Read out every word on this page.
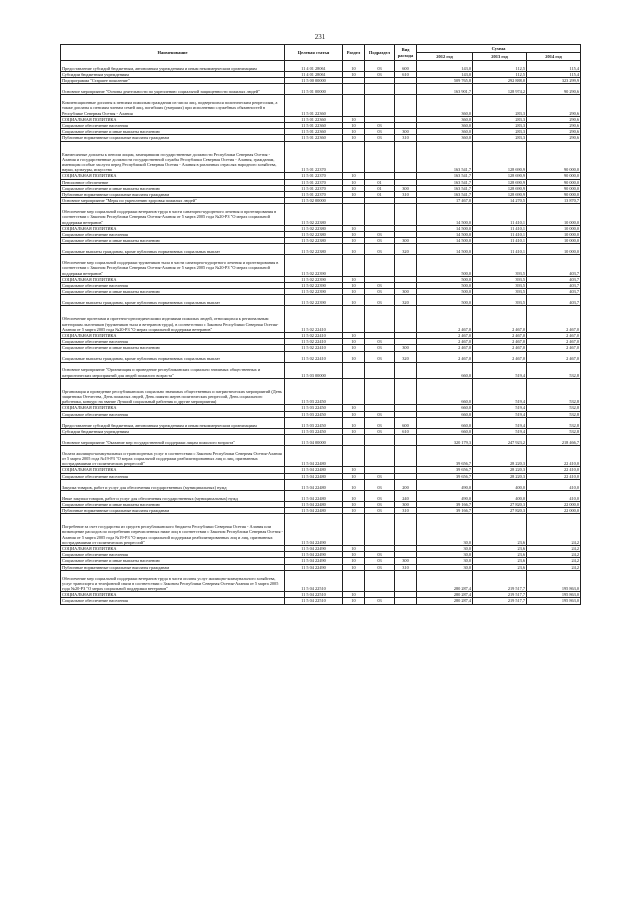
231
Наименование	Целевая статья	Раздел	Подраздел	Вид расхода	Сумма		
					2012 год	2013 год	2014 год
Предоставление субсидий бюджетным, автономным учреждениям и иным некоммерческим организациям	11 4 01 28061	10	03	600	143,0	112,5	115,4
Субсидии бюджетным учреждениям	11 4 01 28061	10	03	610	143,0	112,5	115,4
Подпрограмма "Старшее поколение"	11 5 00 00000				509 765,8	292 888,0	323 299,9
Основное мероприятие "Основы деятельности по укреплению социальной защищенности пожилых людей"	11 5 01 00000				163 901,7	128 974,2	90 290,6
Компенсационные доплаты к пенсиям пожилым гражданам из числа лиц, подвергшихся политическим репрессиям, а также доплаты к пенсиям членам семей лиц, погибших (умерших) при исполнении служебных обязанностей в Республике Северная Осетия - Алания	11 5 01 22360				360,0	283,3	290,6
СОЦИАЛЬНАЯ ПОЛИТИКА	11 5 01 22360	10			360,0	283,3	290,6
Социальное обеспечение населения	11 5 01 22360	10	03		360,0	283,3	290,6
Социальное обеспечение и иные выплаты населению	11 5 01 22360	10	03	300	360,0	283,3	290,6
Публичные нормативные социальные выплаты гражданам	11 5 01 22360	10	03	310	360,0	283,3	290,6
Ежемесячные доплаты к пенсии лицам, замещавшим государственные должности Республики Северная Осетия - Алания и государственные должности государственной службы Республики Северная Осетия - Алания, гражданам, имеющим особые заслуги перед Республикой Северная Осетия - Алания в различных отраслях народного хозяйства, науки, культуры, искусства	11 5 01 22370				163 541,7	128 690,9	90 000,0
СОЦИАЛЬНАЯ ПОЛИТИКА	11 5 01 22370	10			163 541,7	128 690,9	90 000,0
Пенсионное обеспечение	11 5 01 22370	10	01		163 541,7	128 690,9	90 000,0
Социальное обеспечение и иные выплаты населению	11 5 01 22370	10	01	300	163 541,7	128 690,9	90 000,0
Публичные нормативные социальные выплаты гражданам	11 5 01 22370	10	01	310	163 541,7	128 690,9	90 000,0
Основное мероприятие "Меры по укреплению здоровья пожилых людей"	11 5 02 00000				17 467,0	14 270,5	13 870,7
Обеспечение мер социальной поддержки ветеранов труда в части санаторно-курортного лечения и протезирования в соответствии с Законом Республики Северная Осетия-Алания от 5 марта 2005 года №20-РЗ "О мерах социальной поддержки ветеранов"	11 5 02 22380				14 500,0	11 410,1	10 000,0
СОЦИАЛЬНАЯ ПОЛИТИКА	11 5 02 22380	10			14 500,0	11 410,1	10 000,0
Социальное обеспечение населения	11 5 02 22380	10	03		14 500,0	11 410,1	10 000,0
Социальное обеспечение и иные выплаты населению	11 5 02 22380	10	03	300	14 500,0	11 410,1	10 000,0
Социальные выплаты гражданам, кроме публичных нормативных социальных выплат	11 5 02 22380	10	03	320	14 500,0	11 410,1	10 000,0
Обеспечение мер социальной поддержки тружеников тыла в части санаторно-курортного лечения и протезирования в соответствии с Законом Республики Северная Осетия-Алания от 5 марта 2005 года №20-РЗ "О мерах социальной поддержки ветеранов"	11 5 02 22390				500,0	393,5	403,7
СОЦИАЛЬНАЯ ПОЛИТИКА	11 5 02 22390	10			500,0	393,5	403,7
Социальное обеспечение населения	11 5 02 22390	10	03		500,0	393,5	403,7
Социальное обеспечение и иные выплаты населению	11 5 02 22390	10	03	300	500,0	393,5	403,7
Социальные выплаты гражданам, кроме публичных нормативных социальных выплат	11 5 02 22390	10	03	320	500,0	393,5	403,7
Обеспечение протезами и протезно-ортопедическими изделиями пожилых людей, относящихся к региональным категориям льготников (тружеников тыла и ветеранов труда), в соответствии с Законом Республики Северная Осетия-Алания от 5 марта 2005 года №20-РЗ "О мерах социальной поддержки ветеранов"	11 5 02 22410				2 467,0	2 467,0	2 467,0
СОЦИАЛЬНАЯ ПОЛИТИКА	11 5 02 22410	10			2 467,0	2 467,0	2 467,0
Социальное обеспечение населения	11 5 02 22410	10	03		2 467,0	2 467,0	2 467,0
Социальное обеспечение и иные выплаты населению	11 5 02 22410	10	03	300	2 467,0	2 467,0	2 467,0
Социальные выплаты гражданам, кроме публичных нормативных социальных выплат	11 5 02 22410	10	03	320	2 467,0	2 467,0	2 467,0
Основное мероприятие "Организация и проведение республиканских социально значимых общественных и патриотических мероприятий для людей пожилого возраста"	11 5 03 00000				660,0	519,4	532,8
Организация и проведение республиканских социально значимых общественных и патриотических мероприятий (День защитника Отечества, День пожилых людей, День памяти жертв политических репрессий, День социального работника, конкурс на звание Лучший социальный работник и другие мероприятия)	11 5 03 22450				660,0	519,4	532,8
СОЦИАЛЬНАЯ ПОЛИТИКА	11 5 03 22450	10			660,0	519,4	532,8
Социальное обеспечение населения	11 5 03 22450	10	03		660,0	519,4	532,8
Предоставление субсидий бюджетным, автономным учреждениям и иным некоммерческим организациям	11 5 03 22450	10	03	600	660,0	519,4	532,8
Субсидии бюджетным учреждениям	11 5 03 22450	10	03	610	660,0	519,4	532,8
Основное мероприятие "Оказание мер государственной поддержки лицам пожилого возраста"	11 5 04 00000				320 179,3	247 923,2	218 466,7
Оплата жилищно-коммунальных и транспортных услуг в соответствии с Законом Республики Северная Осетия-Алания от 5 марта 2005 года №19-РЗ "О мерах социальной поддержки реабилитированных лиц и лиц, признанных пострадавшими от политических репрессий"	11 5 04 22480				39 656,7	28 220,3	22 410,0
СОЦИАЛЬНАЯ ПОЛИТИКА	11 5 04 22480	10			39 656,7	28 220,3	22 410,0
Социальное обеспечение населения	11 5 04 22480	10	03		39 656,7	28 220,3	22 410,0
Закупка товаров, работ и услуг для обеспечения государственных (муниципальных) нужд	11 5 04 22480	10	03	200	490,0	400,0	410,0
Иные закупки товаров, работ и услуг для обеспечения государственных (муниципальных) нужд	11 5 04 22480	10	03	240	490,0	400,0	410,0
Социальное обеспечение и иные выплаты населению	11 5 04 22480	10	03	300	39 166,7	27 820,3	22 000,0
Публичные нормативные социальные выплаты гражданам	11 5 04 22480	10	03	310	39 166,7	27 820,3	22 000,0
Погребение за счет государства из средств республиканского бюджета Республики Северная Осетия - Алания или возмещение расходов по погребению перечисленных ниже лиц в соответствии с Законом Республики Северная Осетия - Алания от 5 марта 2005 года №19-РЗ "О мерах социальной поддержки реабилитированных лиц и лиц, признанных пострадавшими от политических репрессий"	11 5 04 22490				30,0	23,6	24,2
СОЦИАЛЬНАЯ ПОЛИТИКА	11 5 04 22490	10			30,0	23,6	24,2
Социальное обеспечение населения	11 5 04 22490	10	03		30,0	23,6	24,2
Социальное обеспечение и иные выплаты населению	11 5 04 22490	10	03	300	30,0	23,6	24,2
Публичные нормативные социальные выплаты гражданам	11 5 04 22490	10	03	310	30,0	23,6	24,2
Обеспечение мер социальной поддержки ветеранов труда в части оплаты услуг жилищно-коммунального хозяйства, услуг транспорта и телефонной связи в соответствии с Законом Республики Северная Осетия-Алания от 5 марта 2005 года №20-РЗ "О мерах социальной поддержки ветеранов"	11 5 04 22510				280 287,4	219 517,7	195 863,0
СОЦИАЛЬНАЯ ПОЛИТИКА	11 5 04 22510	10			280 287,4	219 517,7	195 863,0
Социальное обеспечение населения	11 5 04 22510	10	03		280 287,4	219 517,7	195 863,0
